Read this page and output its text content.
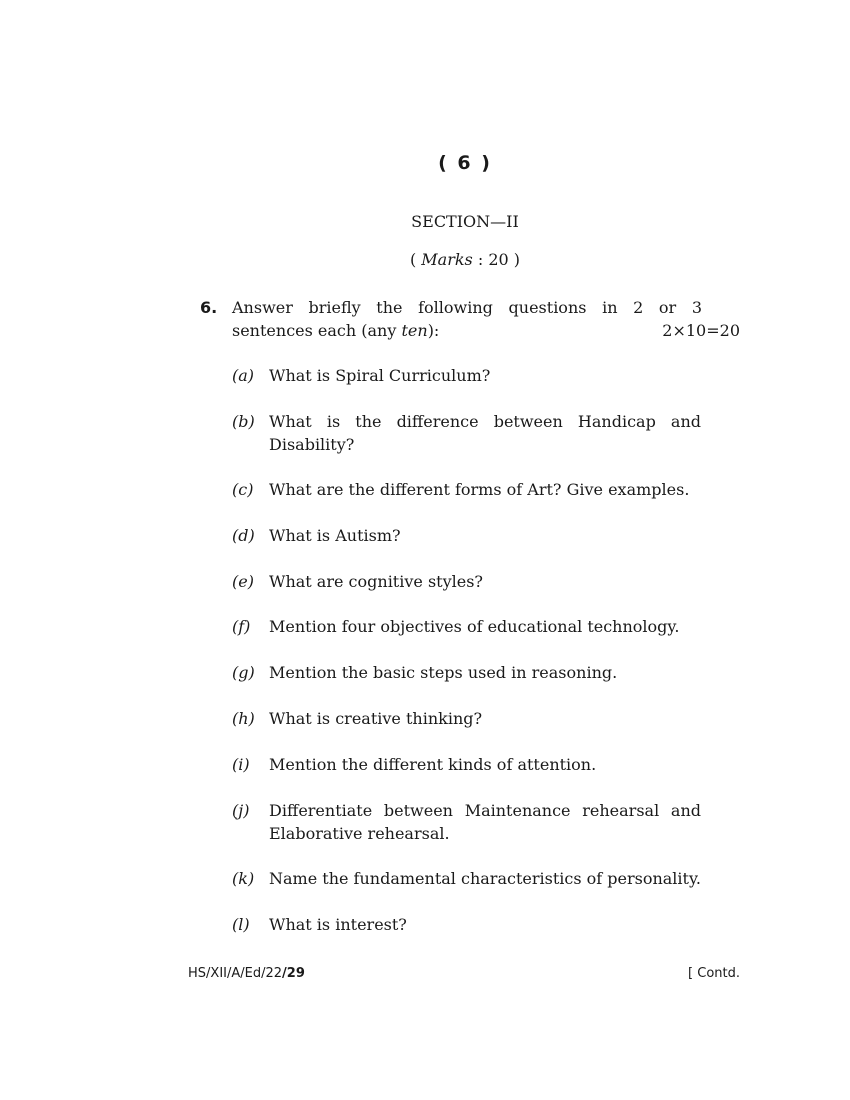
( 6 )
SECTION—II
( Marks : 20 )
6. Answer briefly the following questions in 2 or 3
sentences each (any ten):	2×10=20
(a) What is Spiral Curriculum?
(b) What is the difference between Handicap and Disability?
(c) What are the different forms of Art? Give examples.
(d) What is Autism?
(e) What are cognitive styles?
(f) Mention four objectives of educational technology.
(g) Mention the basic steps used in reasoning.
(h) What is creative thinking?
(i) Mention the different kinds of attention.
(j) Differentiate between Maintenance rehearsal and Elaborative rehearsal.
(k) Name the fundamental characteristics of personality.
(l) What is interest?
HS/XII/A/Ed/22/29	[ Contd.
